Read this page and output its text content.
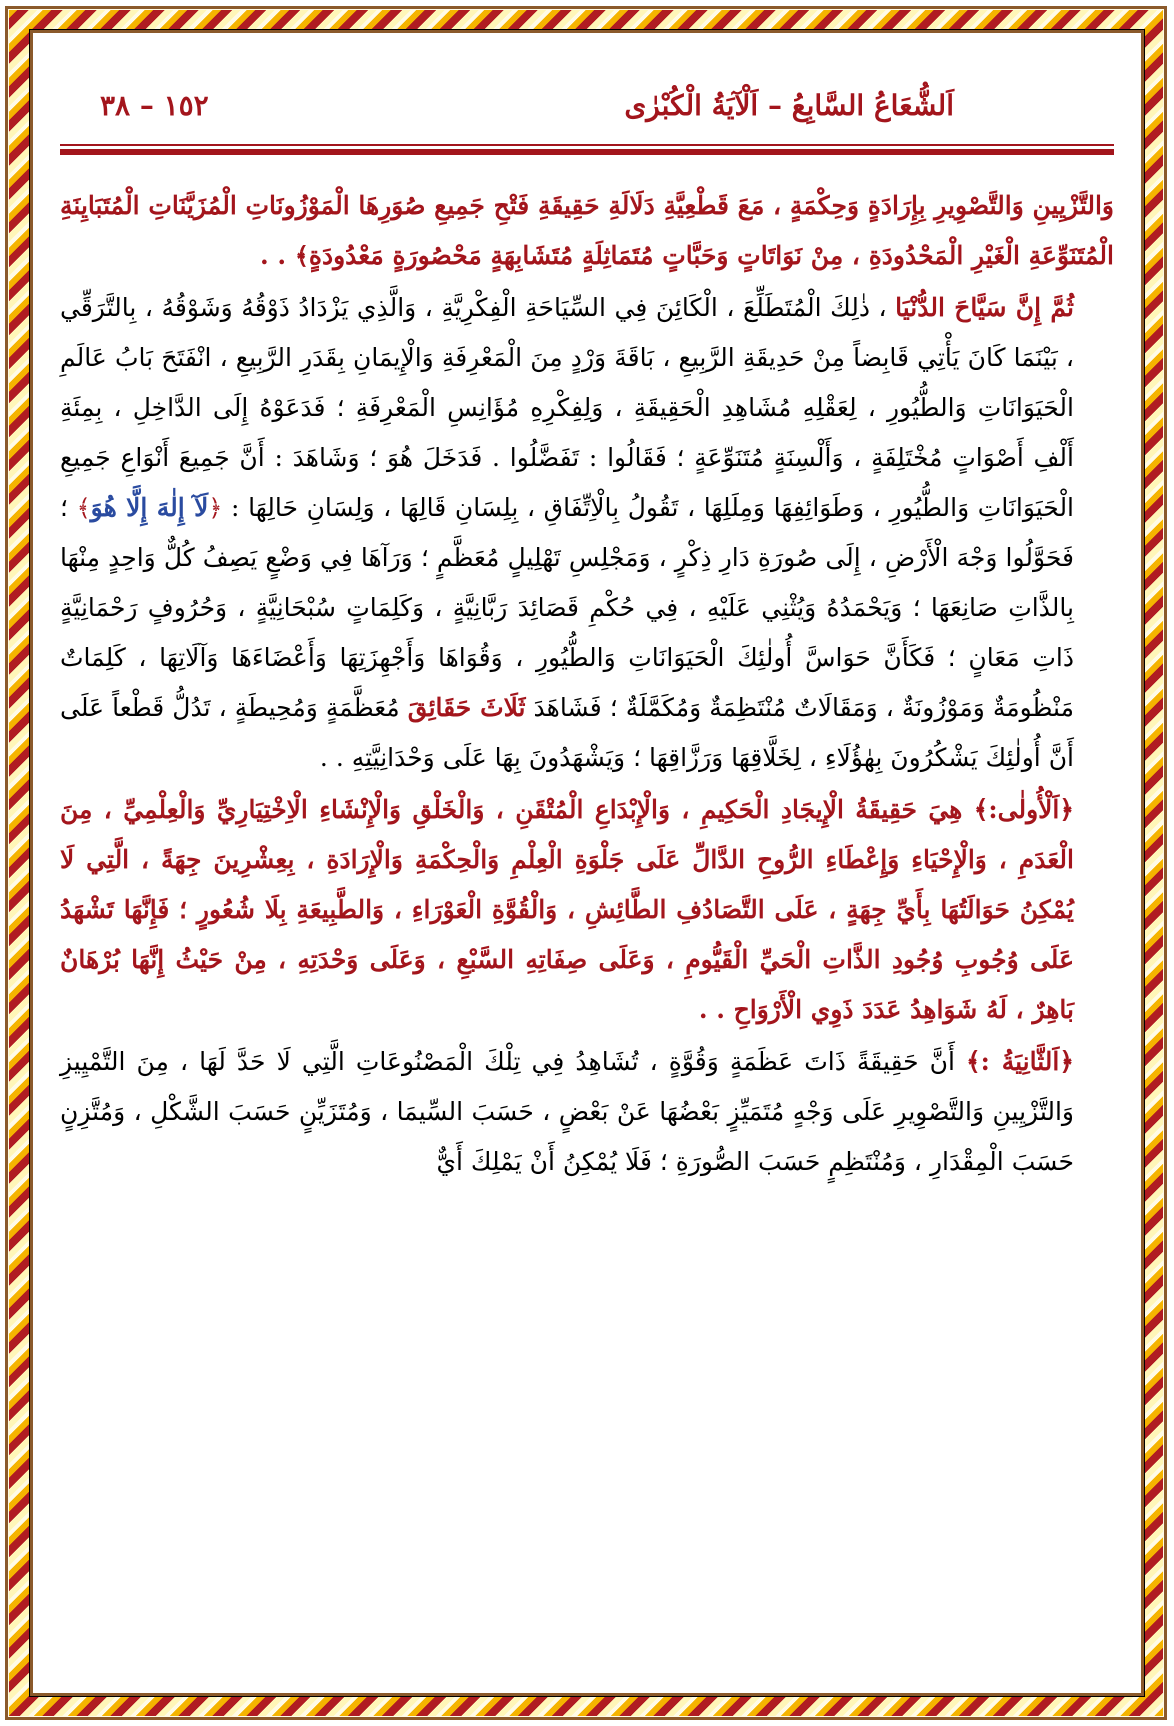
اَلشُّعَاعُ السَّابِعُ – اَلْآيَةُ الْكُبْرٰى
١٥٢ – ٣٨

وَالتَّزْيِينِ وَالتَّصْوِيرِ بِإِرَادَةٍ وَحِكْمَةٍ ، مَعَ قَطْعِيَّةِ دَلَالَةِ حَقِيقَةِ فَتْحِ جَمِيعِ صُوَرِهَا الْمَوْزُونَاتِ الْمُزَيَّنَاتِ الْمُتَبَايِنَةِ الْمُتَنَوِّعَةِ الْغَيْرِ الْمَحْدُودَةِ ، مِنْ نَوَاتَاتٍ وَحَبَّاتٍ مُتَمَاثِلَةٍ مُتَشَابِهَةٍ مَحْصُورَةٍ مَعْدُودَةٍ﴾ . .

ثُمَّ إِنَّ سَيَّاحَ الدُّنْيَا ، ذٰلِكَ الْمُتَطَلِّعَ ، الْكَائِنَ فِي السِّيَاحَةِ الْفِكْرِيَّةِ ، وَالَّذِي يَزْدَادُ ذَوْقُهُ وَشَوْقُهُ ، بِالتَّرَقِّي ، بَيْنَمَا كَانَ يَأْتِي قَابِضاً مِنْ حَدِيقَةِ الرَّبِيعِ ، بَاقَةَ وَرْدٍ مِنَ الْمَعْرِفَةِ وَالْإِيمَانِ بِقَدَرِ الرَّبِيعِ ، انْفَتَحَ بَابُ عَالَمِ الْحَيَوَانَاتِ وَالطُّيُورِ ، لِعَقْلِهِ مُشَاهِدِ الْحَقِيقَةِ ، وَلِفِكْرِهِ مُؤَانِسِ الْمَعْرِفَةِ ؛ فَدَعَوْهُ إِلَى الدَّاخِلِ ، بِمِئَةِ أَلْفِ أَصْوَاتٍ مُخْتَلِفَةٍ ، وَأَلْسِنَةٍ مُتَنَوِّعَةٍ ؛ فَقَالُوا : تَفَضَّلُوا . فَدَخَلَ هُوَ ؛ وَشَاهَدَ : أَنَّ جَمِيعَ أَنْوَاعِ جَمِيعِ الْحَيَوَانَاتِ وَالطُّيُورِ ، وَطَوَائِفِهَا وَمِلَلِهَا ، تَقُولُ بِالْاِتِّفَاقِ ، بِلِسَانِ قَالِهَا ، وَلِسَانِ حَالِهَا : ﴿لَآ إِلٰهَ إِلَّا هُوَ﴾ ؛ فَحَوَّلُوا وَجْهَ الْأَرْضِ ، إِلَى صُورَةِ دَارِ ذِكْرٍ ، وَمَجْلِسِ تَهْلِيلٍ مُعَظَّمٍ ؛ وَرَآهَا فِي وَضْعٍ يَصِفُ كُلٌّ وَاحِدٍ مِنْهَا بِالذَّاتِ صَانِعَهَا ؛ وَيَحْمَدُهُ وَيُثْنِي عَلَيْهِ ، فِي حُكْمِ قَصَائِدَ رَبَّانِيَّةٍ ، وَكَلِمَاتٍ سُبْحَانِيَّةٍ ، وَحُرُوفٍ رَحْمَانِيَّةٍ ذَاتِ مَعَانٍ ؛ فَكَأَنَّ حَوَاسَّ أُولٰئِكَ الْحَيَوَانَاتِ وَالطُّيُورِ ، وَقُوَاهَا وَأَجْهِزَتِهَا وَأَعْضَاءَهَا وَآلَاتِهَا ، كَلِمَاتٌ مَنْظُومَةٌ وَمَوْزُونَةٌ ، وَمَقَالَاتٌ مُنْتَظِمَةٌ وَمُكَمَّلَةٌ ؛ فَشَاهَدَ ثَلَاثَ حَقَائِقَ مُعَظَّمَةٍ وَمُحِيطَةٍ ، تَدُلُّ قَطْعاً عَلَى أَنَّ أُولٰئِكَ يَشْكُرُونَ بِهٰؤُلَاءِ ، لِخَلَّاقِهَا وَرَزَّاقِهَا ؛ وَيَشْهَدُونَ بِهَا عَلَى وَحْدَانِيَّتِهِ . .

﴿اَلْأُولٰى:﴾ هِيَ حَقِيقَةُ الْإِيجَادِ الْحَكِيمِ ، وَالْإِبْدَاعِ الْمُتْقَنِ ، وَالْخَلْقِ وَالْإِنْشَاءِ الْاِخْتِيَارِيِّ وَالْعِلْمِيِّ ، مِنَ الْعَدَمِ ، وَالْإِحْيَاءِ وَإِعْطَاءِ الرُّوحِ الدَّالِّ عَلَى جَلْوَةِ الْعِلْمِ وَالْحِكْمَةِ وَالْإِرَادَةِ ، بِعِشْرِينَ جِهَةً ، الَّتِي لَا يُمْكِنُ حَوَالَتُهَا بِأَيِّ جِهَةٍ ، عَلَى التَّصَادُفِ الطَّائِشِ ، وَالْقُوَّةِ الْعَوْرَاءِ ، وَالطَّبِيعَةِ بِلَا شُعُورٍ ؛ فَإِنَّهَا تَشْهَدُ عَلَى وُجُوبِ وُجُودِ الذَّاتِ الْحَيِّ الْقَيُّومِ ، وَعَلَى صِفَاتِهِ السَّبْعِ ، وَعَلَى وَحْدَتِهِ ، مِنْ حَيْثُ إِنَّهَا بُرْهَانٌ بَاهِرٌ ، لَهُ شَوَاهِدُ عَدَدَ ذَوِي الْأَرْوَاحِ . .

﴿اَلثَّانِيَةُ :﴾ أَنَّ حَقِيقَةً ذَاتَ عَظَمَةٍ وَقُوَّةٍ ، تُشَاهِدُ فِي تِلْكَ الْمَصْنُوعَاتِ الَّتِي لَا حَدَّ لَهَا ، مِنَ التَّمْيِيزِ وَالتَّزْيِينِ وَالتَّصْوِيرِ عَلَى وَجْهٍ مُتَمَيِّزٍ بَعْضُهَا عَنْ بَعْضٍ ، حَسَبَ السِّيمَا ، وَمُتَزَيِّنٍ حَسَبَ الشَّكْلِ ، وَمُتَّزِنٍ حَسَبَ الْمِقْدَارِ ، وَمُنْتَظِمٍ حَسَبَ الصُّورَةِ ؛ فَلَا يُمْكِنُ أَنْ يَمْلِكَ أَيٌّ
